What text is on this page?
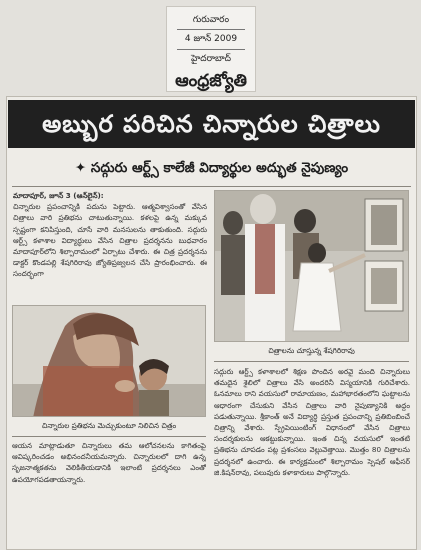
గురువారం
4 జూన్ 2009
హైదరాబాద్
ఆంధ్రజ్యోతి
అబ్బుర పరిచిన చిన్నారుల చిత్రాలు
✦ సద్గురు ఆర్ట్స్ కాలేజీ విద్యార్థుల అద్భుత నైపుణ్యం

మాదాపూర్, జూన్ 3 (ఆన్‌లైన్):

చిన్నారుల ప్రపంచాన్నికి పదును పెట్టారు. ఆత్మవిశ్వాసంతో వేసిన చిత్రాలు వారి ప్రతిభను చాటుతున్నాయి. కళలపై ఉన్న మక్కువ స్పష్టంగా కనిపిస్తుంది, చూసే వారి మనసులను తాకుతుంది. సద్గురు ఆర్ట్స్ కళాశాల విద్యార్థులు వేసిన చిత్రాల ప్రదర్శనను బుధవారం మాదాపూర్‌లోని శిల్పారామంలో ఏర్పాటు చేశారు. ఈ చిత్ర ప్రదర్శనను డాక్టర్ కొండపల్లి శేషగిరిరావు జ్యోతిప్రజ్వలన చేసి ప్రారంభించారు. ఈ సందర్భంగా

చిత్రాలను చూస్తున్న శేషగిరిరావు
చిన్నారుల ప్రతిభను మెచ్చుకుంటూ నిలిచిన చిత్రం

సద్గురు ఆర్ట్స్ కళాశాలలో శిక్షణ పొందిన అరవై మంది చిన్నారులు తమదైన శైలిలో చిత్రాలు వేసి అందరినీ విస్మయానికి గురిచేశారు. ఓనమాలు రాని వయసులో రామాయణం, మహాభారతంలోని ఘట్టాలను ఆధారంగా చేసుకుని వేసిన చిత్రాలు వారి నైపుణ్యానికి అద్దం పడుతున్నాయి. శ్రీకాంత్ అనే విద్యార్థి ప్రస్తుత ప్రపంచాన్ని ప్రతిబింబించే చిత్రాన్ని వేశారు. స్ప్రేపెయింటింగ్ విధానంలో వేసిన చిత్రాలు సందర్శకులను ఆకట్టుకున్నాయి. ఇంత చిన్న వయసులో ఇంతటి ప్రతిభను చూపడం పట్ల ప్రశంసలు వెల్లువెత్తాయి. మొత్తం 80 చిత్రాలను ప్రదర్శనలో ఉంచారు. ఈ కార్యక్రమంలో శిల్పారామం స్పెషల్ ఆఫీసర్ జి.కిషన్‌రావు, పలువురు కళాకారులు పాల్గొన్నారు.

ఆయన మాట్లాడుతూ చిన్నారులు తమ ఆలోచనలను కాగితంపై ఆవిష్కరించడం అభినందనీయమన్నారు. చిన్నారులలో దాగి ఉన్న సృజనాత్మకతను వెలికితీయడానికి ఇలాంటి ప్రదర్శనలు ఎంతో ఉపయోగపడతాయన్నారు.
